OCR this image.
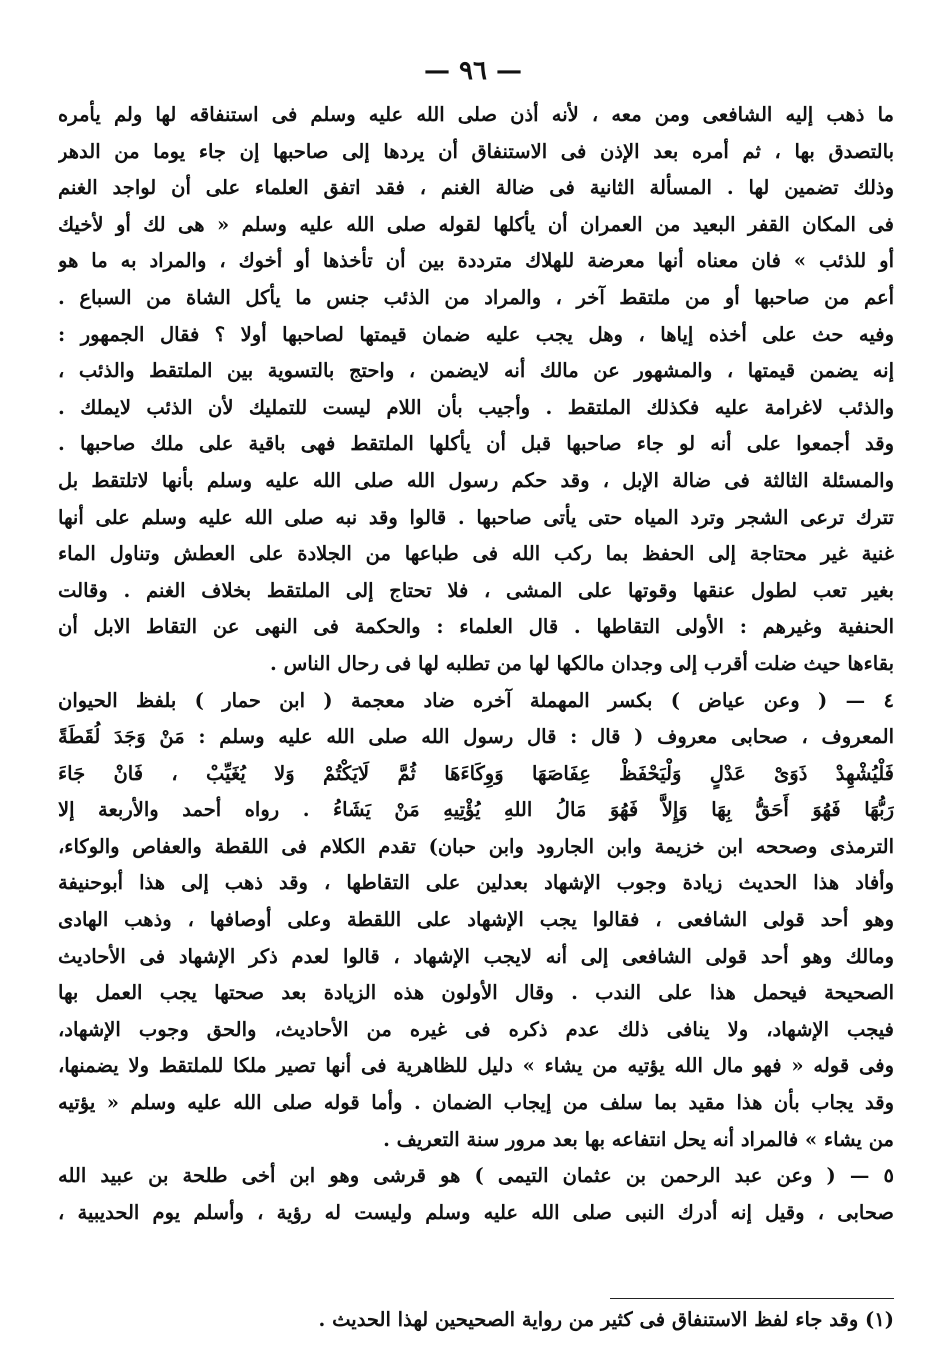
— ٩٦ —
ما ذهب إليه الشافعى ومن معه ، لأنه أذن صلى الله عليه وسلم فى استنفاقه لها ولم يأمره
بالتصدق بها ، ثم أمره بعد الإذن فى الاستنفاق أن يردها إلى صاحبها إن جاء يوما من الدهر
وذلك تضمين لها . المسألة الثانية فى ضالة الغنم ، فقد اتفق العلماء على أن لواجد الغنم
فى المكان القفر البعيد من العمران أن يأكلها لقوله صلى الله عليه وسلم « هى لك أو لأخيك
أو للذئب » فان معناه أنها معرضة للهلاك مترددة بين أن تأخذها أو أخوك ، والمراد به ما هو
أعم من صاحبها أو من ملتقط آخر ، والمراد من الذئب جنس ما يأكل الشاة من السباع .
وفيه حث على أخذه إياها ، وهل يجب عليه ضمان قيمتها لصاحبها أولا ؟ فقال الجمهور :
إنه يضمن قيمتها ، والمشهور عن مالك أنه لايضمن ، واحتج بالتسوية بين الملتقط والذئب ،
والذئب لاغرامة عليه فكذلك الملتقط . وأجيب بأن اللام ليست للتمليك لأن الذئب لايملك .
وقد أجمعوا على أنه لو جاء صاحبها قبل أن يأكلها الملتقط فهى باقية على ملك صاحبها .
والمسئلة الثالثة فى ضالة الإبل ، وقد حكم رسول الله صلى الله عليه وسلم بأنها لاتلتقط بل
تترك ترعى الشجر وترد المياه حتى يأتى صاحبها . قالوا وقد نبه صلى الله عليه وسلم على أنها
غنية غير محتاجة إلى الحفظ بما ركب الله فى طباعها من الجلادة على العطش وتناول الماء
بغير تعب لطول عنقها وقوتها على المشى ، فلا تحتاج إلى الملتقط بخلاف الغنم . وقالت
الحنفية وغيرهم : الأولى التقاطها . قال العلماء : والحكمة فى النهى عن التقاط الابل أن
بقاءها حيث ضلت أقرب إلى وجدان مالكها لها من تطلبه لها فى رحال الناس .
٤ — ( وعن عياض ) بكسر المهملة آخره ضاد معجمة ( ابن حمار ) بلفظ الحيوان
المعروف ، صحابى معروف ( قال : قال رسول الله صلى الله عليه وسلم : مَنْ وَجَدَ لُقَطَةً
فَلْيُشْهِدْ ذَوَىْ عَدْلٍ وَلْيَحْفَظْ عِفَاصَهَا وَوِكَاءَهَا ثُمَّ لَايَكْتُمْ وَلا يُغَيِّبْ ، فَانْ جَاءَ
رَبُّهَا فَهُوَ أَحَقُّ بِهَا وَإِلاَّ فَهُوَ مَالُ اللهِ يُؤْتِيهِ مَنْ يَشَاءُ . رواه أحمد والأربعة إلا
الترمذى وصححه ابن خزيمة وابن الجارود وابن حبان) تقدم الكلام فى اللقطة والعفاص والوكاء،
وأفاد هذا الحديث زيادة وجوب الإشهاد بعدلين على التقاطها ، وقد ذهب إلى هذا أبوحنيفة
وهو أحد قولى الشافعى ، فقالوا يجب الإشهاد على اللقطة وعلى أوصافها ، وذهب الهادى
ومالك وهو أحد قولى الشافعى إلى أنه لايجب الإشهاد ، قالوا لعدم ذكر الإشهاد فى الأحاديث
الصحيحة فيحمل هذا على الندب . وقال الأولون هذه الزيادة بعد صحتها يجب العمل بها
فيجب الإشهاد، ولا ينافى ذلك عدم ذكره فى غيره من الأحاديث، والحق وجوب الإشهاد،
وفى قوله « فهو مال الله يؤتيه من يشاء » دليل للظاهرية فى أنها تصير ملكا للملتقط ولا يضمنها،
وقد يجاب بأن هذا مقيد بما سلف من إيجاب الضمان . وأما قوله صلى الله عليه وسلم « يؤتيه
من يشاء » فالمراد أنه يحل انتفاعه بها بعد مرور سنة التعريف .
٥ — ( وعن عبد الرحمن بن عثمان التيمى ) هو قرشى وهو ابن أخى طلحة بن عبيد الله
صحابى ، وقيل إنه أدرك النبى صلى الله عليه وسلم وليست له رؤية ، وأسلم يوم الحديبية ،
(١) وقد جاء لفظ الاستنفاق فى كثير من رواية الصحيحين لهذا الحديث .
